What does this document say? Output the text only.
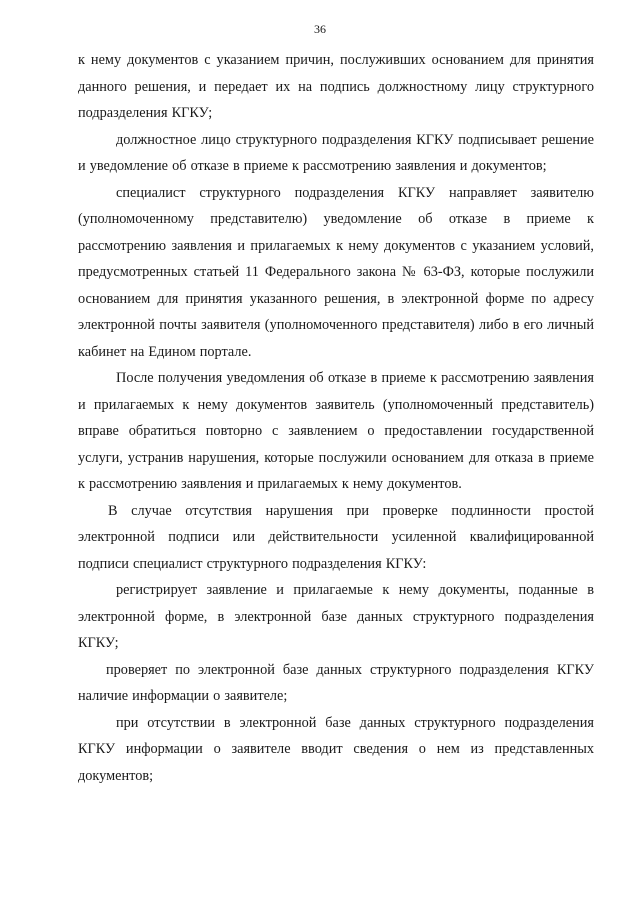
36

к нему документов с указанием причин, послуживших основанием для принятия данного решения, и передает их на подпись должностному лицу структурного подразделения КГКУ;

должностное лицо структурного подразделения КГКУ подписывает решение и уведомление об отказе в приеме к рассмотрению заявления и документов;

специалист структурного подразделения КГКУ направляет заявителю (уполномоченному представителю) уведомление об отказе в приеме к рассмотрению заявления и прилагаемых к нему документов с указанием условий, предусмотренных статьей 11 Федерального закона № 63-ФЗ, которые послужили основанием для принятия указанного решения, в электронной форме по адресу электронной почты заявителя (уполномоченного представителя) либо в его личный кабинет на Едином портале.

После получения уведомления об отказе в приеме к рассмотрению заявления и прилагаемых к нему документов заявитель (уполномоченный представитель) вправе обратиться повторно с заявлением о предоставлении государственной услуги, устранив нарушения, которые послужили основанием для отказа в приеме к рассмотрению заявления и прилагаемых к нему документов.

В случае отсутствия нарушения при проверке подлинности простой электронной подписи или действительности усиленной квалифицированной подписи специалист структурного подразделения КГКУ:

регистрирует заявление и прилагаемые к нему документы, поданные в электронной форме, в электронной базе данных структурного подразделения КГКУ;

проверяет по электронной базе данных структурного подразделения КГКУ наличие информации о заявителе;

при отсутствии в электронной базе данных структурного подразделения КГКУ информации о заявителе вводит сведения о нем из представленных документов;
